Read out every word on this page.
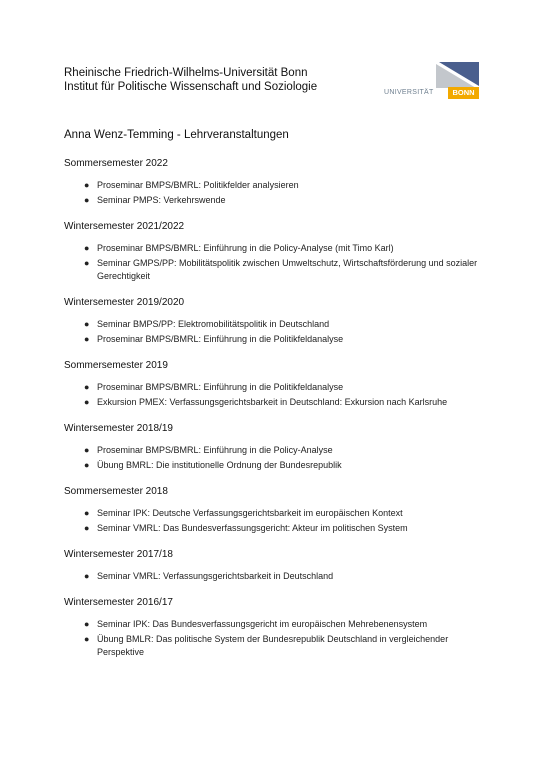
Rheinische Friedrich-Wilhelms-Universität Bonn
Institut für Politische Wissenschaft und Soziologie	UNIVERSITÄT	BONN
Anna Wenz-Temming - Lehrveranstaltungen
Sommersemester 2022
● Proseminar BMPS/BMRL: Politikfelder analysieren
● Seminar PMPS: Verkehrswende
Wintersemester 2021/2022
● Proseminar BMPS/BMRL: Einführung in die Policy-Analyse (mit Timo Karl)
● Seminar GMPS/PP: Mobilitätspolitik zwischen Umweltschutz, Wirtschaftsförderung und sozialer Gerechtigkeit
Wintersemester 2019/2020
● Seminar BMPS/PP: Elektromobilitätspolitik in Deutschland
● Proseminar BMPS/BMRL: Einführung in die Politikfeldanalyse
Sommersemester 2019
● Proseminar BMPS/BMRL: Einführung in die Politikfeldanalyse
● Exkursion PMEX: Verfassungsgerichtsbarkeit in Deutschland: Exkursion nach Karlsruhe
Wintersemester 2018/19
● Proseminar BMPS/BMRL: Einführung in die Policy-Analyse
● Übung BMRL: Die institutionelle Ordnung der Bundesrepublik
Sommersemester 2018
● Seminar IPK: Deutsche Verfassungsgerichtsbarkeit im europäischen Kontext
● Seminar VMRL: Das Bundesverfassungsgericht: Akteur im politischen System
Wintersemester 2017/18
● Seminar VMRL: Verfassungsgerichtsbarkeit in Deutschland
Wintersemester 2016/17
● Seminar IPK: Das Bundesverfassungsgericht im europäischen Mehrebenensystem
● Übung BMLR: Das politische System der Bundesrepublik Deutschland in vergleichender Perspektive
